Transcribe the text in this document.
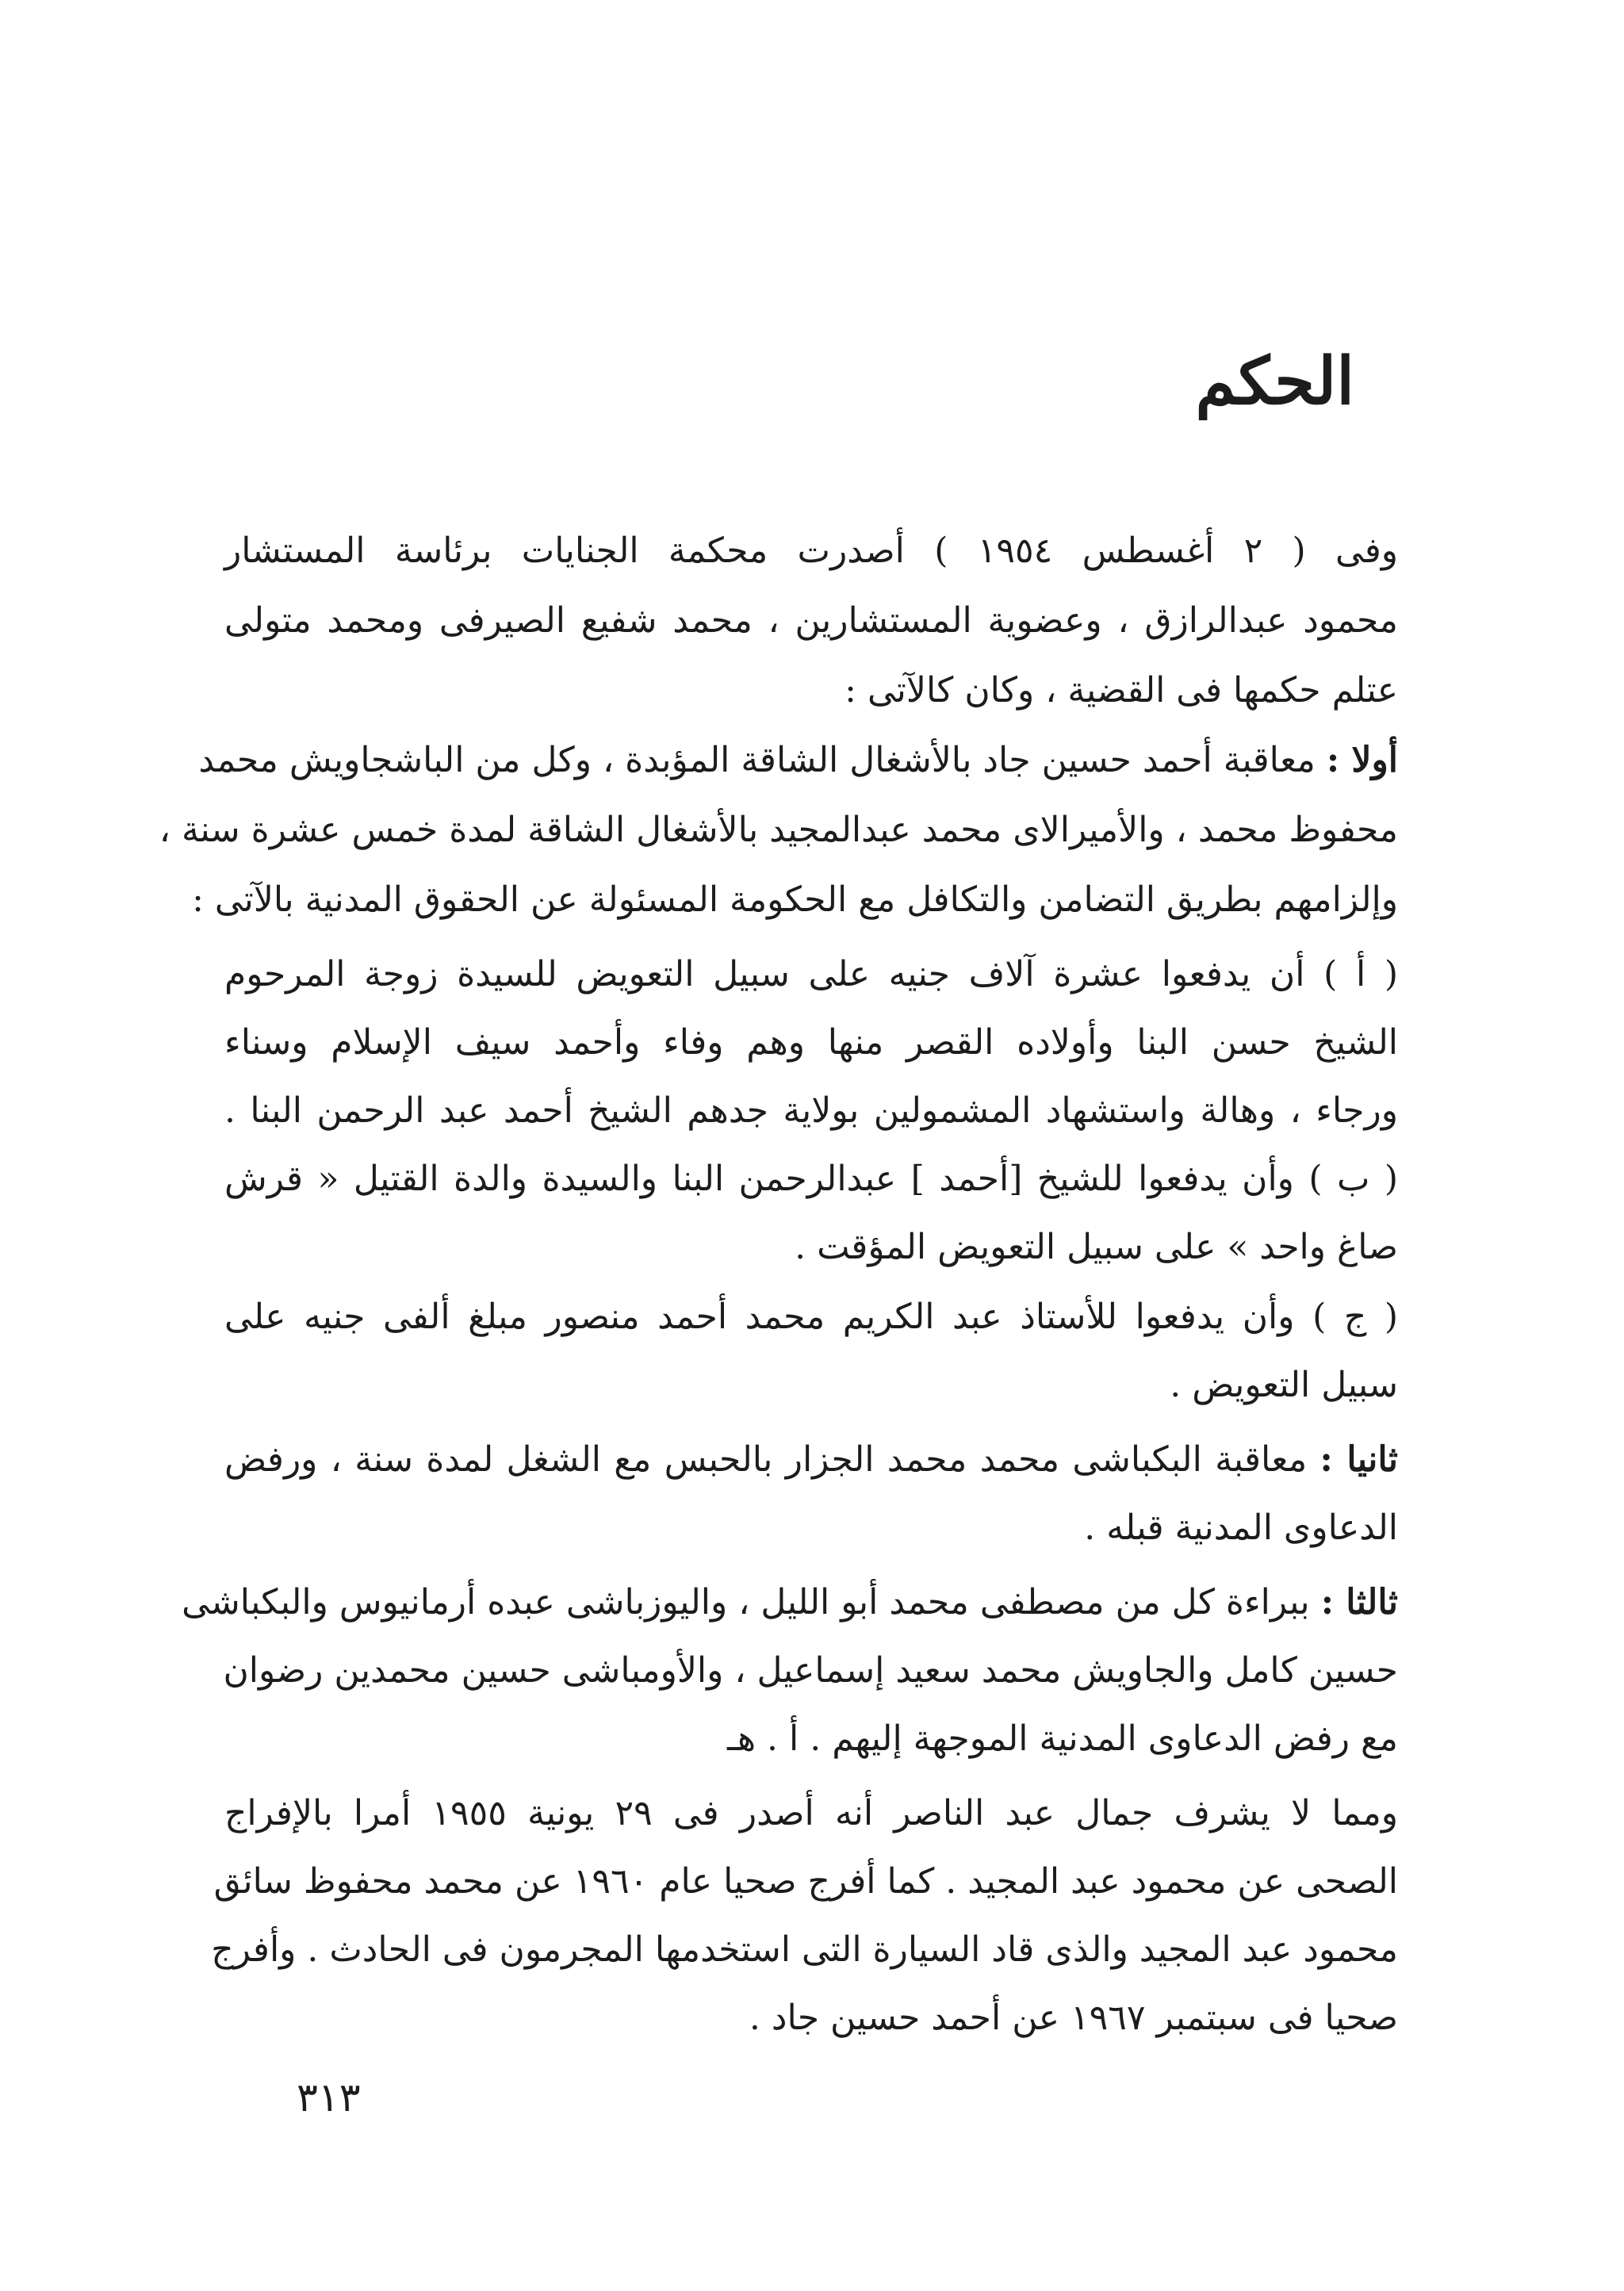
الحكم
وفى ( ٢ أغسطس ١٩٥٤ ) أصدرت محكمة الجنايات برئاسة المستشار
محمود عبدالرازق ، وعضوية المستشارين ، محمد شفيع الصيرفى ومحمد متولى
عتلم حكمها فى القضية ، وكان كالآتى :
أولا : معاقبة أحمد حسين جاد بالأشغال الشاقة المؤبدة ، وكل من الباشجاويش محمد
محفوظ محمد ، والأميرالاى محمد عبدالمجيد بالأشغال الشاقة لمدة خمس عشرة سنة ،
وإلزامهم بطريق التضامن والتكافل مع الحكومة المسئولة عن الحقوق المدنية بالآتى :
( أ ) أن يدفعوا عشرة آلاف جنيه على سبيل التعويض للسيدة زوجة المرحوم
الشيخ حسن البنا وأولاده القصر منها وهم وفاء وأحمد سيف الإسلام وسناء
ورجاء ، وهالة واستشهاد المشمولين بولاية جدهم الشيخ أحمد عبد الرحمن البنا .
( ب ) وأن يدفعوا للشيخ [أحمد ] عبدالرحمن البنا والسيدة والدة القتيل « قرش
صاغ واحد » على سبيل التعويض المؤقت .
( ج ) وأن يدفعوا للأستاذ عبد الكريم محمد أحمد منصور مبلغ ألفى جنيه على
سبيل التعويض .
ثانيا : معاقبة البكباشى محمد محمد الجزار بالحبس مع الشغل لمدة سنة ، ورفض
الدعاوى المدنية قبله .
ثالثا : ببراءة كل من مصطفى محمد أبو الليل ، واليوزباشى عبده أرمانيوس والبكباشى
حسين كامل والجاويش محمد سعيد إسماعيل ، والأومباشى حسين محمدين رضوان
مع رفض الدعاوى المدنية الموجهة إليهم . أ . هـ
ومما لا يشرف جمال عبد الناصر أنه أصدر فى ٢٩ يونية ١٩٥٥ أمرا بالإفراج
الصحى عن محمود عبد المجيد . كما أفرج صحيا عام ١٩٦٠ عن محمد محفوظ سائق
محمود عبد المجيد والذى قاد السيارة التى استخدمها المجرمون فى الحادث . وأفرج
صحيا فى سبتمبر ١٩٦٧ عن أحمد حسين جاد .
٣١٣
